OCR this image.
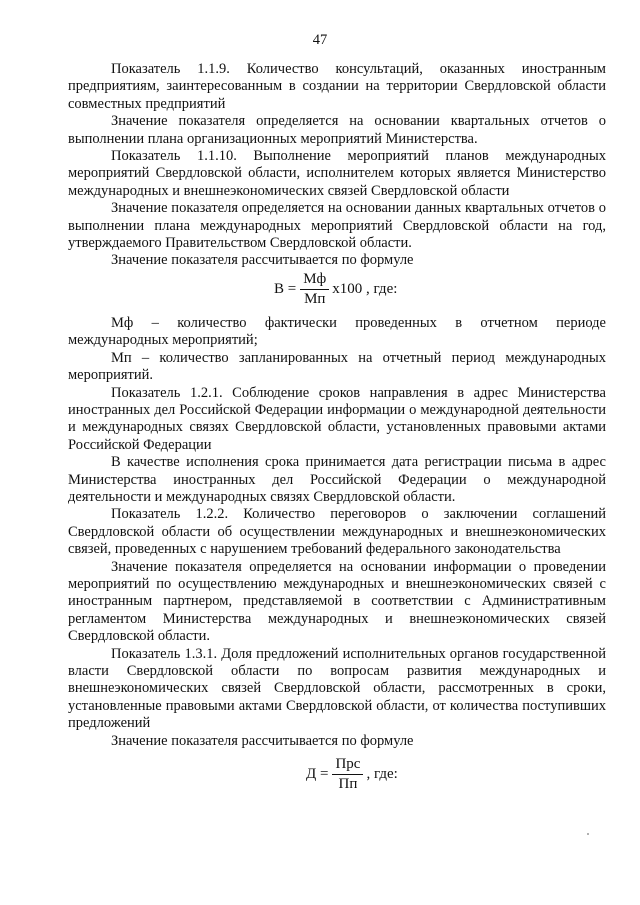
47

Показатель 1.1.9. Количество консультаций, оказанных иностранным предприятиям, заинтересованным в создании на территории Свердловской области совместных предприятий

Значение показателя определяется на основании квартальных отчетов о выполнении плана организационных мероприятий Министерства.

Показатель 1.1.10. Выполнение мероприятий планов международных мероприятий Свердловской области, исполнителем которых является Министерство международных и внешнеэкономических связей Свердловской области

Значение показателя определяется на основании данных квартальных отчетов о выполнении плана международных мероприятий Свердловской области на год, утверждаемого Правительством Свердловской области.

Значение показателя рассчитывается по формуле

$В = \frac{Мф}{Мп} х100$ , где:

Мф – количество фактически проведенных в отчетном периоде международных мероприятий;

Мп – количество запланированных на отчетный период международных мероприятий.

Показатель 1.2.1. Соблюдение сроков направления в адрес Министерства иностранных дел Российской Федерации информации о международной деятельности и международных связях Свердловской области, установленных правовыми актами Российской Федерации

В качестве исполнения срока принимается дата регистрации письма в адрес Министерства иностранных дел Российской Федерации о международной деятельности и международных связях Свердловской области.

Показатель 1.2.2. Количество переговоров о заключении соглашений Свердловской области об осуществлении международных и внешнеэкономических связей, проведенных с нарушением требований федерального законодательства

Значение показателя определяется на основании информации о проведении мероприятий по осуществлению международных и внешнеэкономических связей с иностранным партнером, представляемой в соответствии с Административным регламентом Министерства международных и внешнеэкономических связей Свердловской области.

Показатель 1.3.1. Доля предложений исполнительных органов государственной власти Свердловской области по вопросам развития международных и внешнеэкономических связей Свердловской области, рассмотренных в сроки, установленные правовыми актами Свердловской области, от количества поступивших предложений

Значение показателя рассчитывается по формуле

$Д = \frac{\text{Прс}}{Пп}$ , где:
